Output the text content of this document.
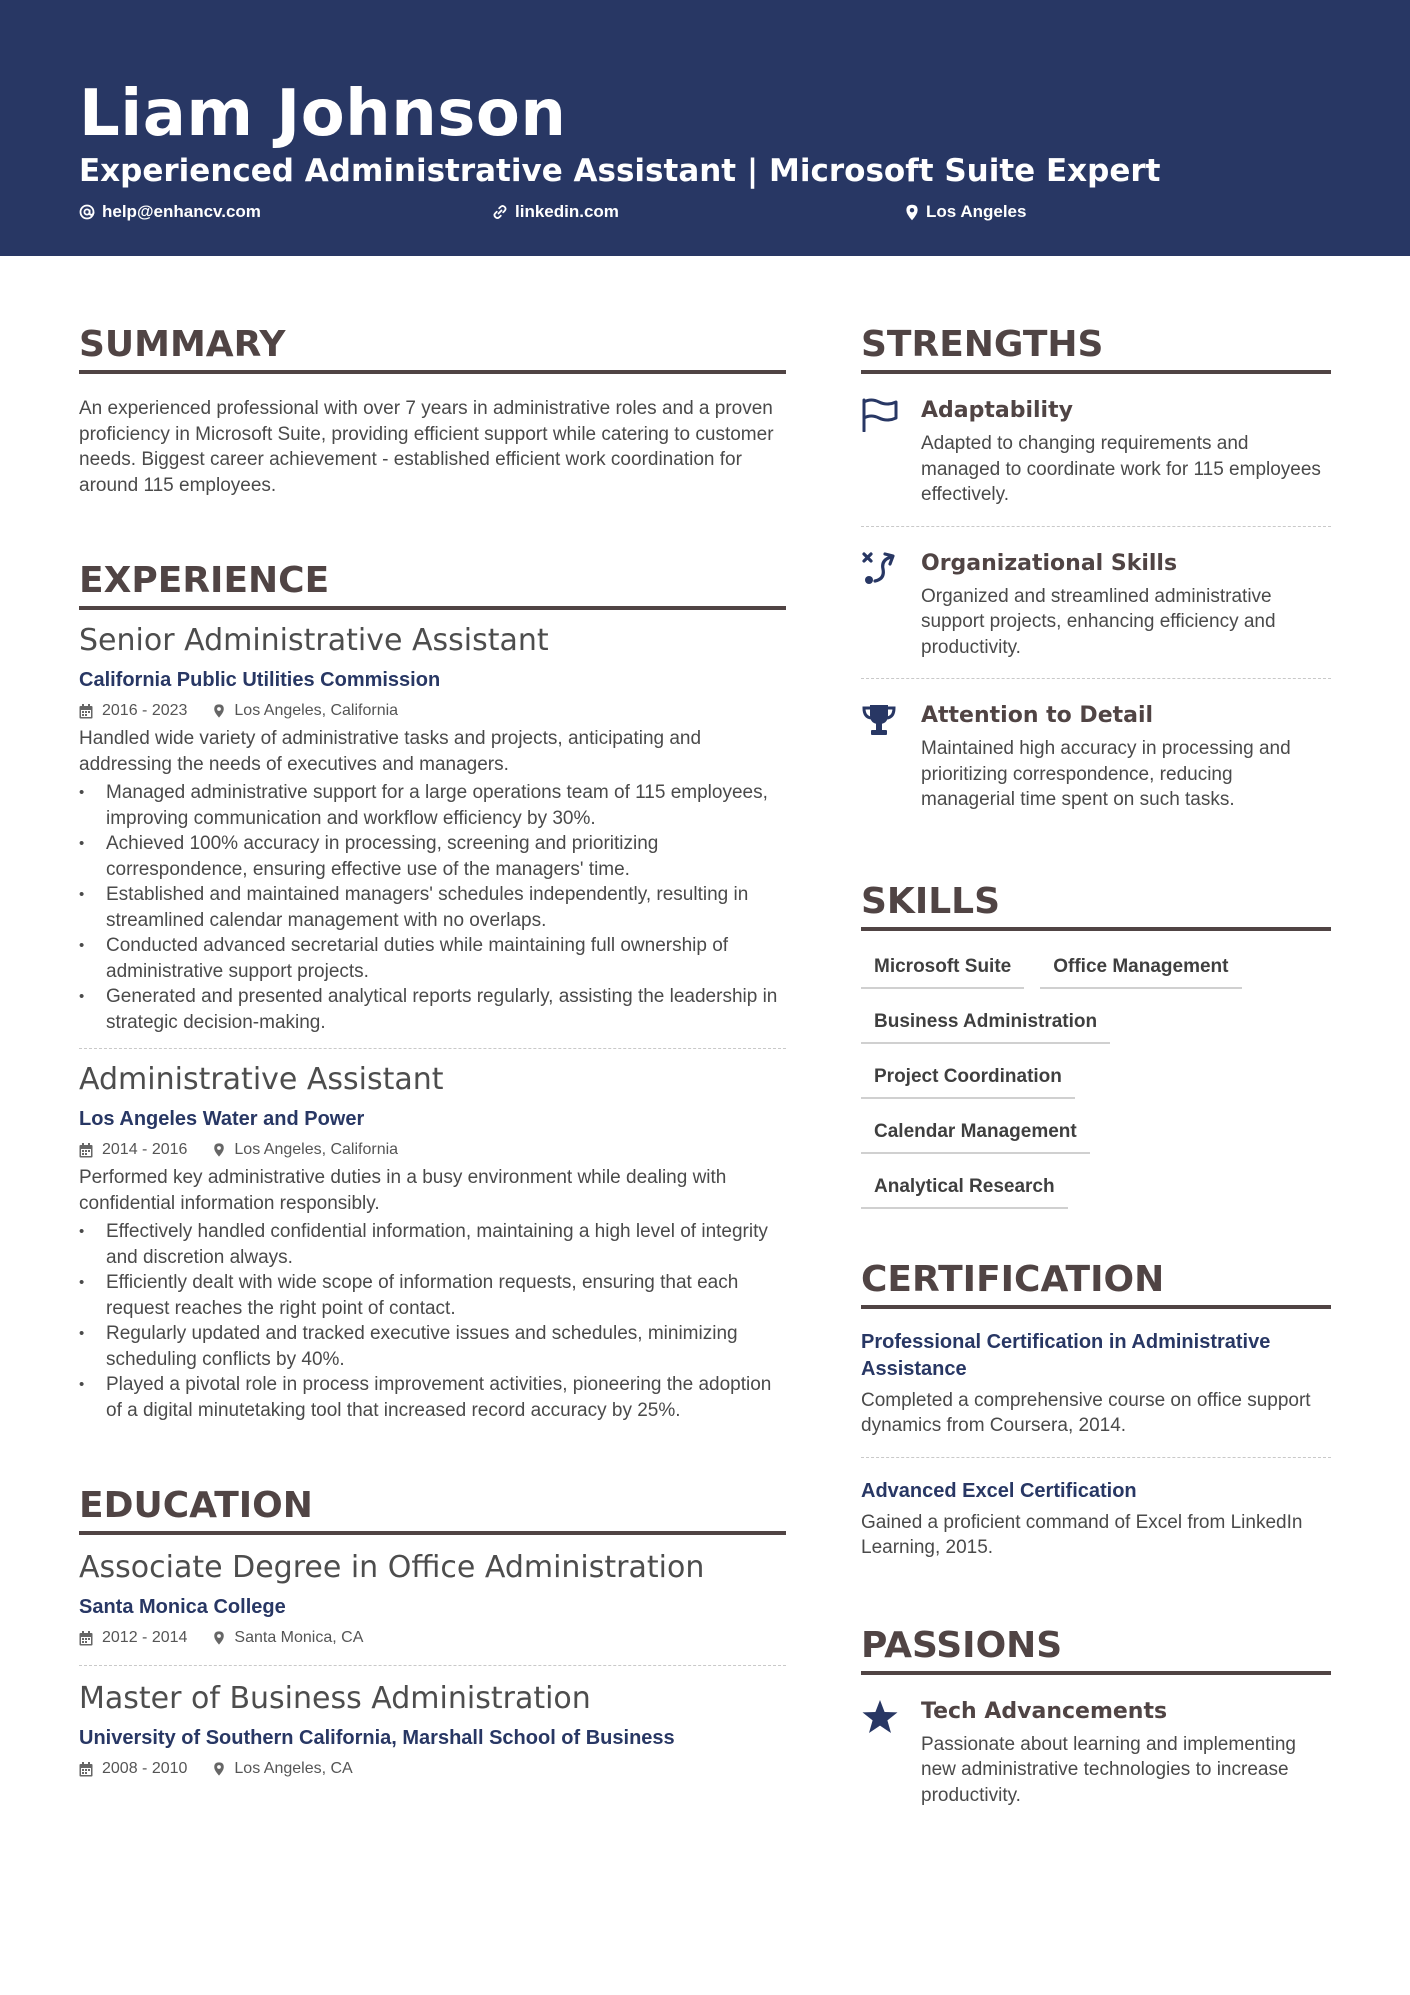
Liam Johnson
Experienced Administrative Assistant | Microsoft Suite Expert
help@enhancv.com	linkedin.com	Los Angeles
SUMMARY
An experienced professional with over 7 years in administrative roles and a proven proficiency in Microsoft Suite, providing efficient support while catering to customer needs. Biggest career achievement - established efficient work coordination for around 115 employees.
EXPERIENCE
Senior Administrative Assistant
California Public Utilities Commission
2016 - 2023	Los Angeles, California
Handled wide variety of administrative tasks and projects, anticipating and addressing the needs of executives and managers.
• Managed administrative support for a large operations team of 115 employees, improving communication and workflow efficiency by 30%.
• Achieved 100% accuracy in processing, screening and prioritizing correspondence, ensuring effective use of the managers' time.
• Established and maintained managers' schedules independently, resulting in streamlined calendar management with no overlaps.
• Conducted advanced secretarial duties while maintaining full ownership of administrative support projects.
• Generated and presented analytical reports regularly, assisting the leadership in strategic decision-making.
Administrative Assistant
Los Angeles Water and Power
2014 - 2016	Los Angeles, California
Performed key administrative duties in a busy environment while dealing with confidential information responsibly.
• Effectively handled confidential information, maintaining a high level of integrity and discretion always.
• Efficiently dealt with wide scope of information requests, ensuring that each request reaches the right point of contact.
• Regularly updated and tracked executive issues and schedules, minimizing scheduling conflicts by 40%.
• Played a pivotal role in process improvement activities, pioneering the adoption of a digital minutetaking tool that increased record accuracy by 25%.
EDUCATION
Associate Degree in Office Administration
Santa Monica College
2012 - 2014	Santa Monica, CA
Master of Business Administration
University of Southern California, Marshall School of Business
2008 - 2010	Los Angeles, CA
STRENGTHS
Adaptability
Adapted to changing requirements and managed to coordinate work for 115 employees effectively.
Organizational Skills
Organized and streamlined administrative support projects, enhancing efficiency and productivity.
Attention to Detail
Maintained high accuracy in processing and prioritizing correspondence, reducing managerial time spent on such tasks.
SKILLS
Microsoft Suite	Office Management
Business Administration
Project Coordination
Calendar Management
Analytical Research
CERTIFICATION
Professional Certification in Administrative Assistance
Completed a comprehensive course on office support dynamics from Coursera, 2014.
Advanced Excel Certification
Gained a proficient command of Excel from LinkedIn Learning, 2015.
PASSIONS
Tech Advancements
Passionate about learning and implementing new administrative technologies to increase productivity.
